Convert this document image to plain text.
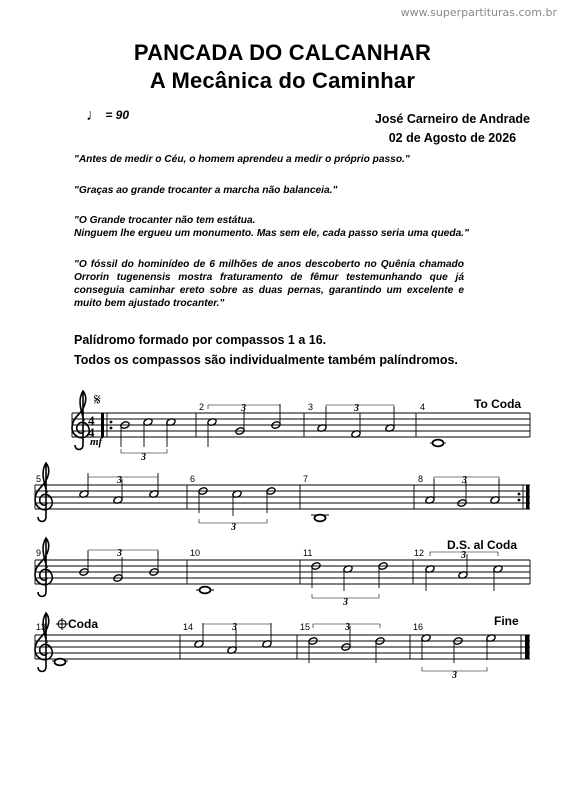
www.superpartituras.com.br
PANCADA DO CALCANHAR
A Mecânica do Caminhar
♩ = 90	José Carneiro de Andrade
02 de Agosto de 2026
"Antes de medir o Céu, o homem aprendeu a medir o próprio passo."
"Graças ao grande trocanter a marcha não balanceia."
"O Grande trocanter não tem estátua.
Ninguem lhe ergueu um monumento. Mas sem ele, cada passo seria uma queda."
"O fóssil do hominídeo de 6 milhões de anos descoberto no Quênia chamado Orrorin tugenensis mostra fraturamento de fêmur testemunhando que já conseguia caminhar ereto sobre as duas pernas, garantindo um excelente e muito bem ajustado trocanter."
Palídromo formado por compassos 1 a 16.
Todos os compassos são individualmente também palíndromos.
4
4
𝄋
mf
3
2	3	3	3	4	To Coda
5	3	6
3
7	8	3
9	3	10	11
3
12
D.S. al Coda
3
13 Coda	14	3	15	3	16	Fine
3
